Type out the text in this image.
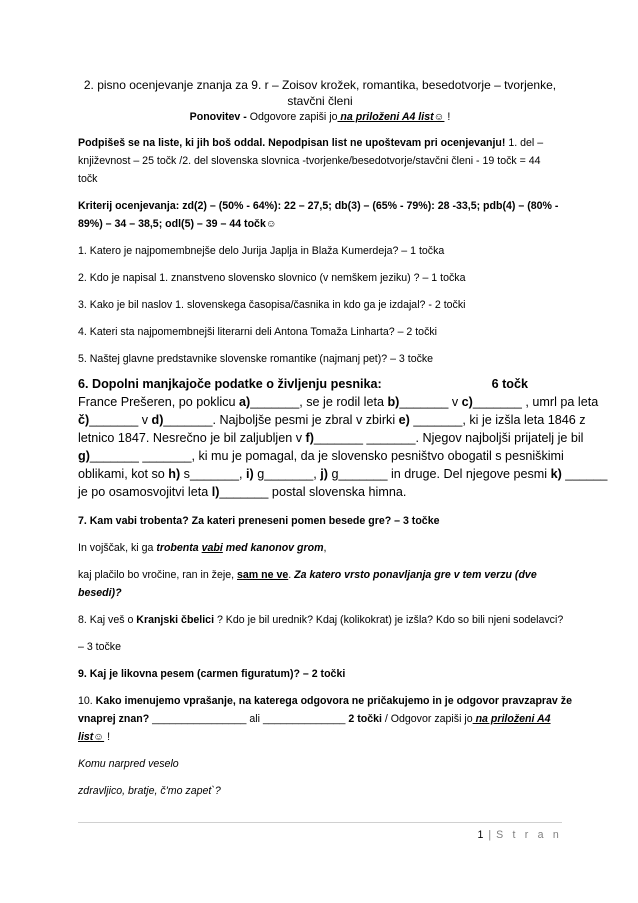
2. pisno ocenjevanje znanja za 9. r – Zoisov krožek, romantika, besedotvorje – tvorjenke,
stavčni členi
Ponovitev - Odgovore zapiši jo na priloženi A4 list☺ !
Podpišeš se na liste, ki jih boš oddal. Nepodpisan list ne upoštevam pri ocenjevanju! 1. del –
književnost – 25 točk /2. del slovenska slovnica -tvorjenke/besedotvorje/stavčni členi - 19 točk = 44
točk
Kriterij ocenjevanja: zd(2) – (50% - 64%): 22 – 27,5; db(3) – (65% - 79%): 28 -33,5; pdb(4) – (80% -
89%) – 34 – 38,5; odl(5) – 39 – 44 točk☺
1. Katero je najpomembnejše delo Jurija Japlja in Blaža Kumerdeja? – 1 točka
2. Kdo je napisal 1. znanstveno slovensko slovnico (v nemškem jeziku) ? – 1 točka
3. Kako je bil naslov 1. slovenskega časopisa/časnika in kdo ga je izdajal? - 2 točki
4. Kateri sta najpomembnejši literarni deli Antona Tomaža Linharta? – 2 točki
5. Naštej glavne predstavnike slovenske romantike (najmanj pet)? – 3 točke
6. Dopolni manjkajoče podatke o življenju pesnika:	6 točk
France Prešeren, po poklicu a)_______, se je rodil leta b)_______ v c)_______ , umrl pa leta
č)_______ v d)_______. Najboljše pesmi je zbral v zbirki e) _______, ki je izšla leta 1846 z
letnico 1847. Nesrečno je bil zaljubljen v f)_______ _______. Njegov najboljši prijatelj je bil
g)_______ _______, ki mu je pomagal, da je slovensko pesništvo obogatil s pesniškimi
oblikami, kot so h) s_______, i) g_______, j) g_______ in druge. Del njegove pesmi k) ______
je po osamosvojitvi leta l)_______ postal slovenska himna.
7. Kam vabi trobenta? Za kateri preneseni pomen besede gre? – 3 točke
In vojščak, ki ga trobenta vabi med kanonov grom,
kaj plačilo bo vročine, ran in žeje, sam ne ve. Za katero vrsto ponavljanja gre v tem verzu (dve
besedi)?
8. Kaj veš o Kranjski čbelici ? Kdo je bil urednik? Kdaj (kolikokrat) je izšla? Kdo so bili njeni sodelavci?
– 3 točke
9. Kaj je likovna pesem (carmen figuratum)? – 2 točki
10. Kako imenujemo vprašanje, na katerega odgovora ne pričakujemo in je odgovor pravzaprav že
vnaprej znan? ________________ ali ______________ 2 točki / Odgovor zapiši jo na priloženi A4
list☺ !
Komu narpred veselo
zdravljico, bratje, č'mo zapet`?
1 | S t r a n
